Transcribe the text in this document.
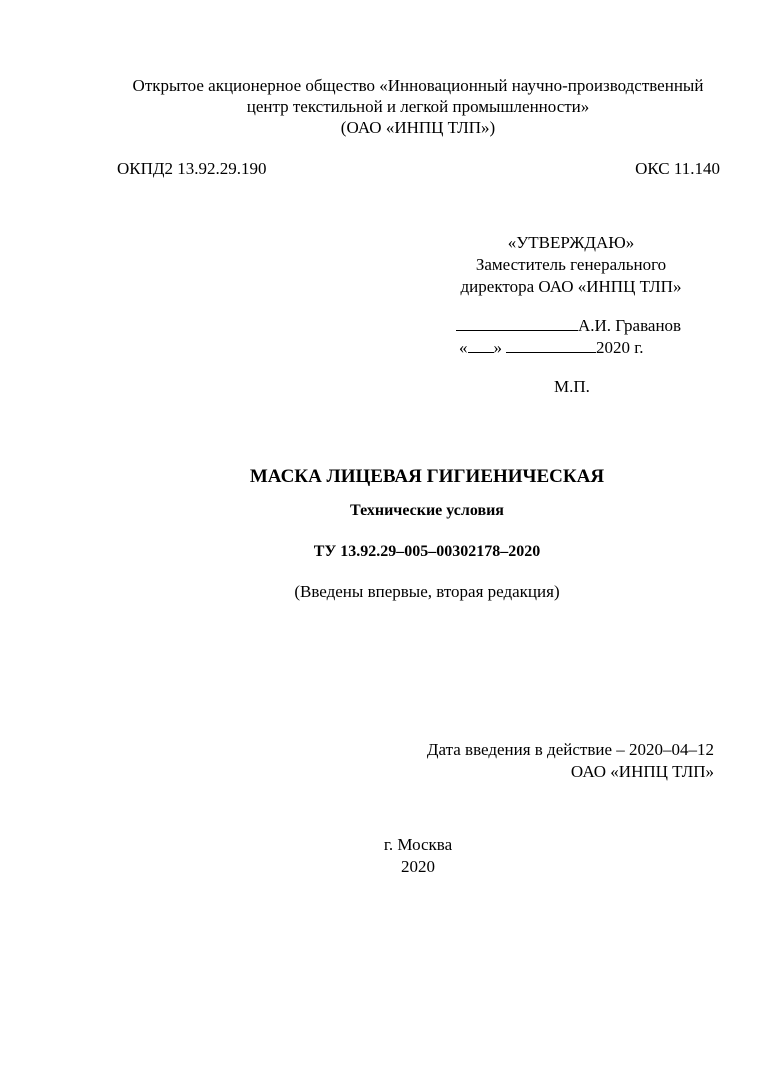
Открытое акционерное общество «Инновационный научно-производственный
центр текстильной и легкой промышленности»
(ОАО «ИНПЦ ТЛП»)
ОКПД2 13.92.29.190	ОКС 11.140
«УТВЕРЖДАЮ»
Заместитель генерального
директора ОАО «ИНПЦ ТЛП»
А.И. Граванов
« »	2020 г.
М.П.
МАСКА ЛИЦЕВАЯ ГИГИЕНИЧЕСКАЯ
Технические условия
ТУ 13.92.29–005–00302178–2020
(Введены впервые, вторая редакция)
Дата введения в действие – 2020–04–12
ОАО «ИНПЦ ТЛП»
г. Москва
2020
